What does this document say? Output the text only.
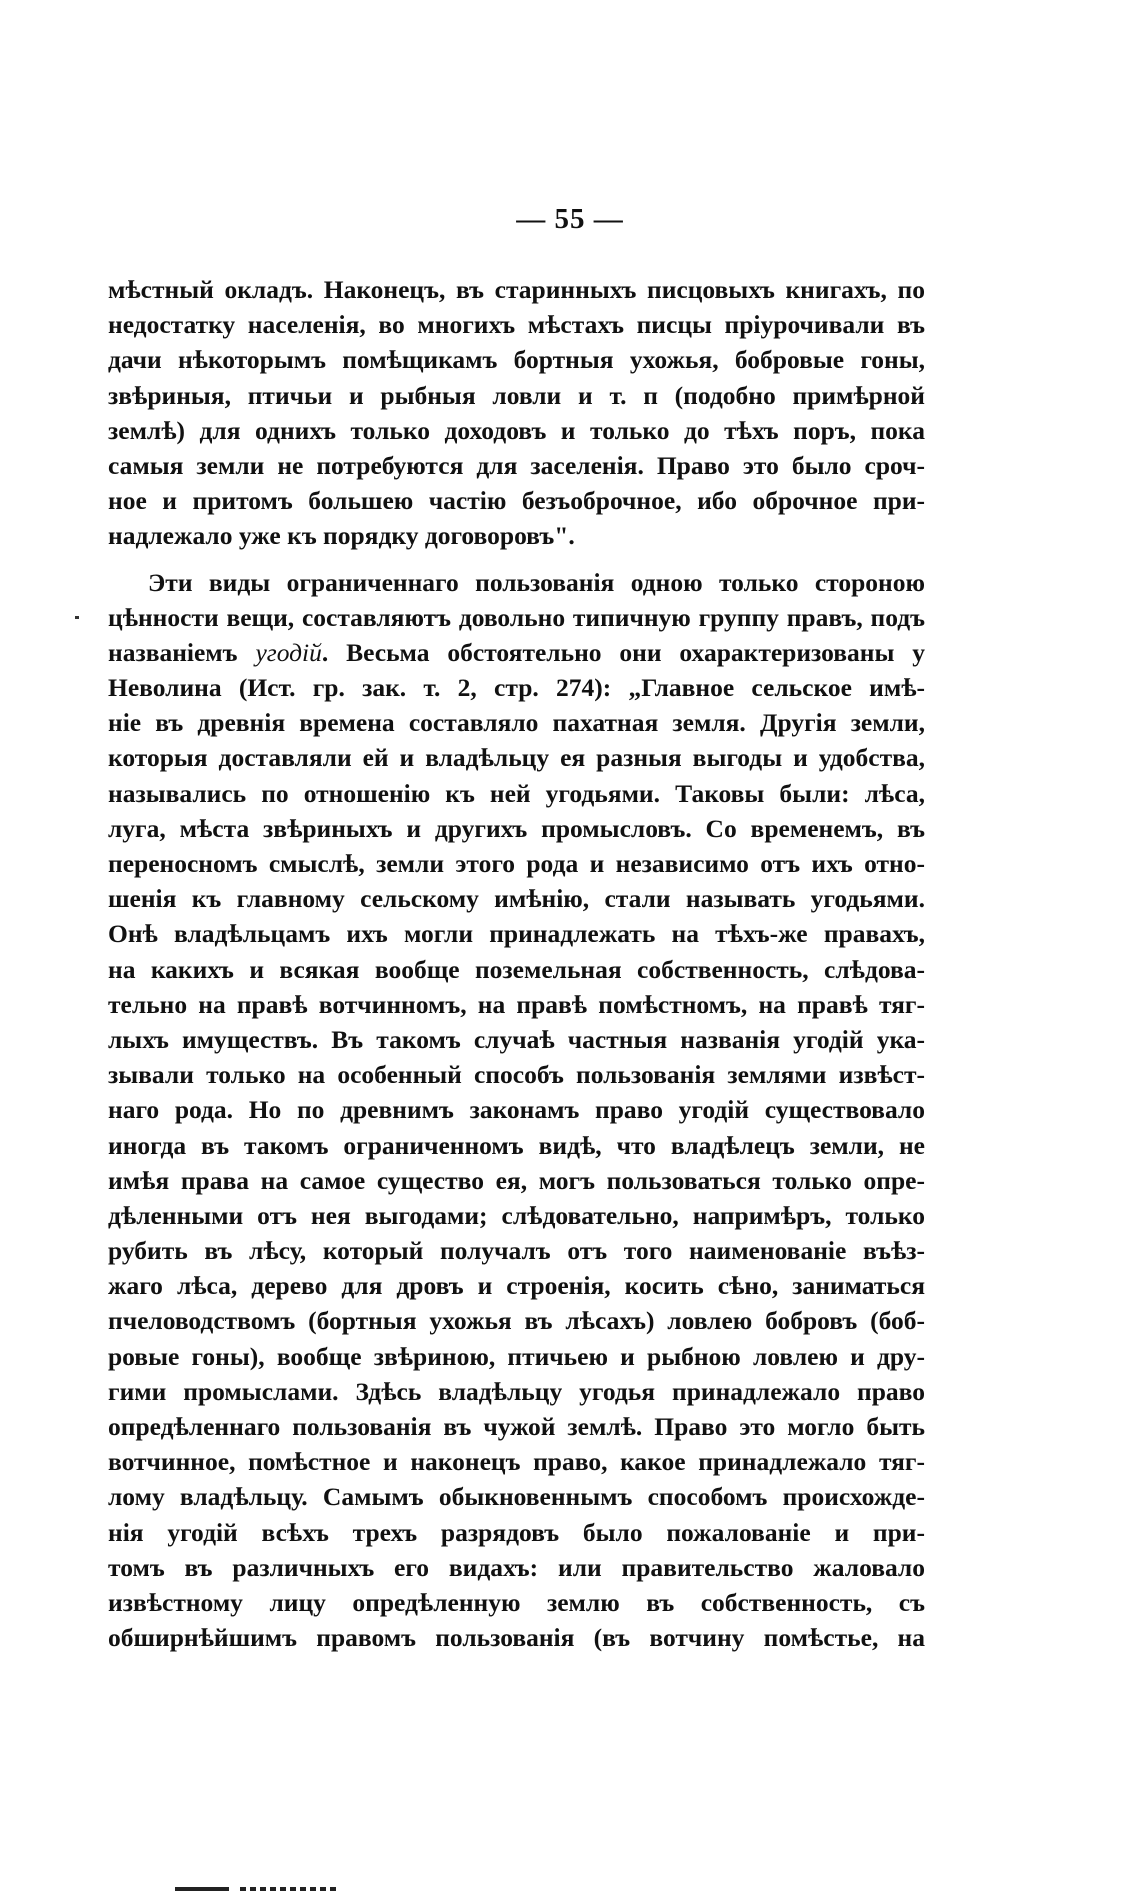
— 55 —
мѣстный окладъ. Наконецъ, въ старинныхъ писцовыхъ книгахъ, по
недостатку населенія, во многихъ мѣстахъ писцы пріурочивали въ
дачи нѣкоторымъ помѣщикамъ бортныя ухожья, бобровые гоны,
звѣриныя, птичьи и рыбныя ловли и т. п (подобно примѣрной
землѣ) для однихъ только доходовъ и только до тѣхъ поръ, пока
самыя земли не потребуются для заселенія. Право это было сроч-
ное и притомъ большею частію безъоброчное, ибо оброчное при-
надлежало уже къ порядку договоровъ".
Эти виды ограниченнаго пользованія одною только стороною
цѣнности вещи, составляютъ довольно типичную группу правъ, подъ
названіемъ угодій. Весьма обстоятельно они охарактеризованы у
Неволина (Ист. гр. зак. т. 2, стр. 274): „Главное сельское имѣ-
ніе въ древнія времена составляло пахатная земля. Другія земли,
которыя доставляли ей и владѣльцу ея разныя выгоды и удобства,
назывались по отношенію къ ней угодьями. Таковы были: лѣса,
луга, мѣста звѣриныхъ и другихъ промысловъ. Со временемъ, въ
переносномъ смыслѣ, земли этого рода и независимо отъ ихъ отно-
шенія къ главному сельскому имѣнію, стали называть угодьями.
Онѣ владѣльцамъ ихъ могли принадлежать на тѣхъ-же правахъ,
на какихъ и всякая вообще поземельная собственность, слѣдова-
тельно на правѣ вотчинномъ, на правѣ помѣстномъ, на правѣ тяг-
лыхъ имуществъ. Въ такомъ случаѣ частныя названія угодій ука-
зывали только на особенный способъ пользованія землями извѣст-
наго рода. Но по древнимъ законамъ право угодій существовало
иногда въ такомъ ограниченномъ видѣ, что владѣлецъ земли, не
имѣя права на самое существо ея, могъ пользоваться только опре-
дѣленными отъ нея выгодами; слѣдовательно, напримѣръ, только
рубить въ лѣсу, который получалъ отъ того наименованіе въѣз-
жаго лѣса, дерево для дровъ и строенія, косить сѣно, заниматься
пчеловодствомъ (бортныя ухожья въ лѣсахъ) ловлею бобровъ (боб-
ровые гоны), вообще звѣриною, птичьею и рыбною ловлею и дру-
гими промыслами. Здѣсь владѣльцу угодья принадлежало право
опредѣленнаго пользованія въ чужой землѣ. Право это могло быть
вотчинное, помѣстное и наконецъ право, какое принадлежало тяг-
лому владѣльцу. Самымъ обыкновеннымъ способомъ происхожде-
нія угодій всѣхъ трехъ разрядовъ было пожалованіе и при-
томъ въ различныхъ его видахъ: или правительство жаловало
извѣстному лицу опредѣленную землю въ собственность, съ
обширнѣйшимъ правомъ пользованія (въ вотчину помѣстье, на
